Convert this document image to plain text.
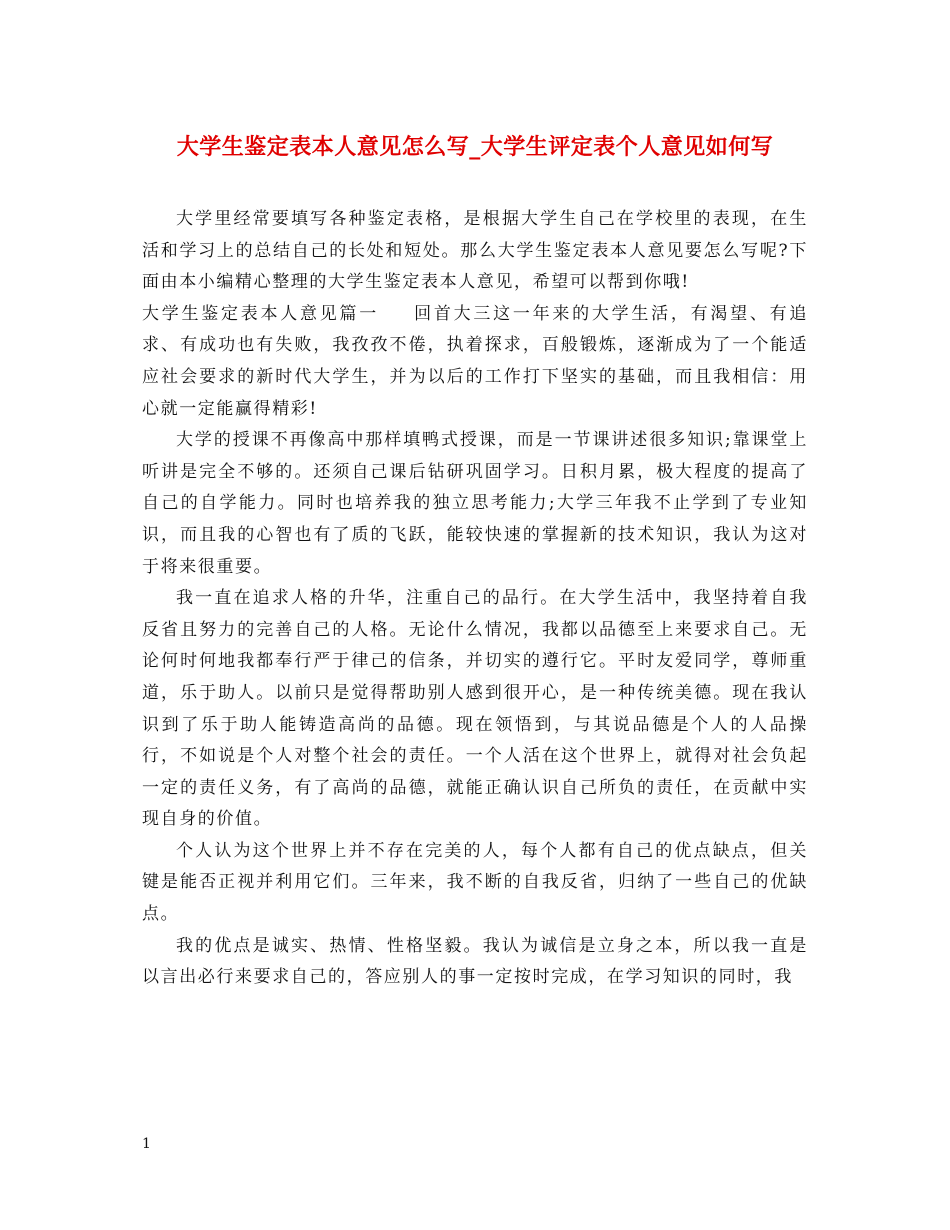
大学生鉴定表本人意见怎么写_大学生评定表个人意见如何写

大学里经常要填写各种鉴定表格，是根据大学生自己在学校里的表现，在生活和学习上的总结自己的长处和短处。那么大学生鉴定表本人意见要怎么写呢?下面由本小编精心整理的大学生鉴定表本人意见，希望可以帮到你哦!

大学生鉴定表本人意见篇一 回首大三这一年来的大学生活，有渴望、有追求、有成功也有失败，我孜孜不倦，执着探求，百般锻炼，逐渐成为了一个能适应社会要求的新时代大学生，并为以后的工作打下坚实的基础，而且我相信：用心就一定能赢得精彩!

大学的授课不再像高中那样填鸭式授课，而是一节课讲述很多知识;靠课堂上听讲是完全不够的。还须自己课后钻研巩固学习。日积月累，极大程度的提高了自己的自学能力。同时也培养我的独立思考能力;大学三年我不止学到了专业知识，而且我的心智也有了质的飞跃，能较快速的掌握新的技术知识，我认为这对于将来很重要。

我一直在追求人格的升华，注重自己的品行。在大学生活中，我坚持着自我反省且努力的完善自己的人格。无论什么情况，我都以品德至上来要求自己。无论何时何地我都奉行严于律己的信条，并切实的遵行它。平时友爱同学，尊师重道，乐于助人。以前只是觉得帮助别人感到很开心，是一种传统美德。现在我认识到了乐于助人能铸造高尚的品德。现在领悟到，与其说品德是个人的人品操行，不如说是个人对整个社会的责任。一个人活在这个世界上，就得对社会负起一定的责任义务，有了高尚的品德，就能正确认识自己所负的责任，在贡献中实现自身的价值。

个人认为这个世界上并不存在完美的人，每个人都有自己的优点缺点，但关键是能否正视并利用它们。三年来，我不断的自我反省，归纳了一些自己的优缺点。

我的优点是诚实、热情、性格坚毅。我认为诚信是立身之本，所以我一直是以言出必行来要求自己的，答应别人的事一定按时完成，在学习知识的同时，我

1
